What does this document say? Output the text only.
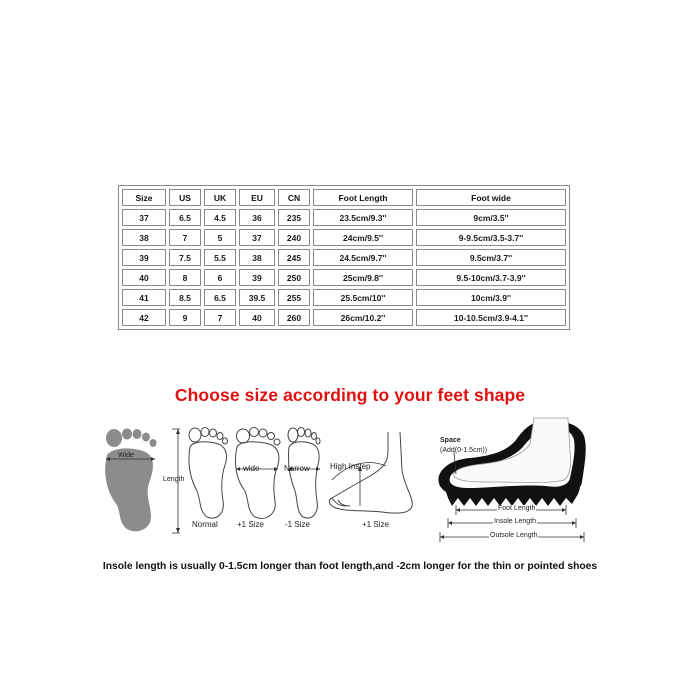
Size	US	UK	EU	CN	Foot Length	Foot wide
37	6.5	4.5	36	235	23.5cm/9.3''	9cm/3.5''
38	7	5	37	240	24cm/9.5''	9-9.5cm/3.5-3.7''
39	7.5	5.5	38	245	24.5cm/9.7''	9.5cm/3.7''
40	8	6	39	250	25cm/9.8''	9.5-10cm/3.7-3.9''
41	8.5	6.5	39.5	255	25.5cm/10''	10cm/3.9''
42	9	7	40	260	26cm/10.2''	10-10.5cm/3.9-4.1''
Choose size according to your feet shape
Wide
Length
Normal
wide
+1 Size
Narrow
-1 Size
High Instep
+1 Size
Space
(Add(0-1.5cm))
Foot Length
Insole Length
Outsole Length
Insole length is usually 0-1.5cm longer than foot length,and -2cm longer for the thin or pointed shoes
